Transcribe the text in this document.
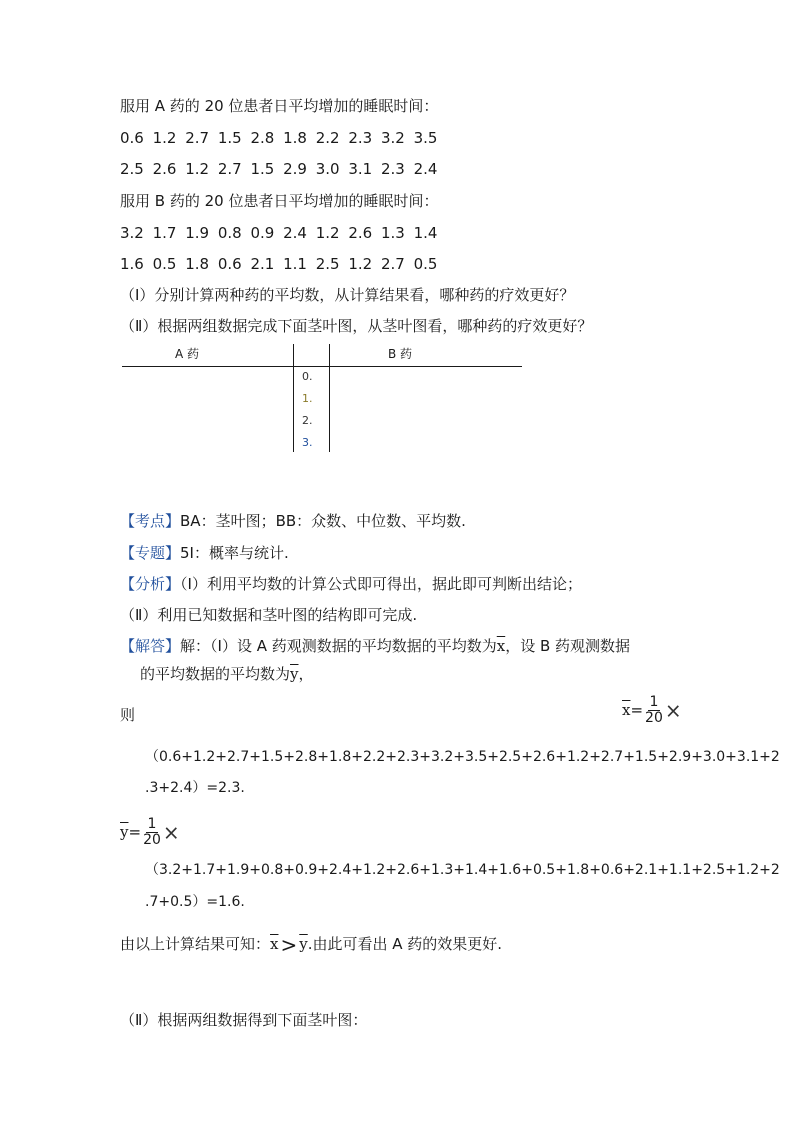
服用 A 药的 20 位患者日平均增加的睡眠时间：
0.6 1.2 2.7 1.5 2.8 1.8 2.2 2.3 3.2 3.5
2.5 2.6 1.2 2.7 1.5 2.9 3.0 3.1 2.3 2.4
服用 B 药的 20 位患者日平均增加的睡眠时间：
3.2 1.7 1.9 0.8 0.9 2.4 1.2 2.6 1.3 1.4
1.6 0.5 1.8 0.6 2.1 1.1 2.5 1.2 2.7 0.5
（Ⅰ）分别计算两种药的平均数，从计算结果看，哪种药的疗效更好？
（Ⅱ）根据两组数据完成下面茎叶图，从茎叶图看，哪种药的疗效更好？
A 药	B 药
0.
1.
2.
3.
【考点】BA：茎叶图；BB：众数、中位数、平均数.
【专题】5I：概率与统计.
【分析】（Ⅰ）利用平均数的计算公式即可得出，据此即可判断出结论；
（Ⅱ）利用已知数据和茎叶图的结构即可完成.
【解答】解：（Ⅰ）设 A 药观测数据的平均数据的平均数为$\overline{x}$，设 B 药观测数据
的平均数据的平均数为$\overline{y}$，
则	$\overline{x}= \frac{1}{20}$ ×
（0.6+1.2+2.7+1.5+2.8+1.8+2.2+2.3+3.2+3.5+2.5+2.6+1.2+2.7+1.5+2.9+3.0+3.1+2
.3+2.4）=2.3.
$\overline{y}= \frac{1}{20}$ ×
（3.2+1.7+1.9+0.8+0.9+2.4+1.2+2.6+1.3+1.4+1.6+0.5+1.8+0.6+2.1+1.1+2.5+1.2+2
.7+0.5）=1.6.
由以上计算结果可知：$\overline{x} > \overline{y}$.由此可看出 A 药的效果更好.
（Ⅱ）根据两组数据得到下面茎叶图：
